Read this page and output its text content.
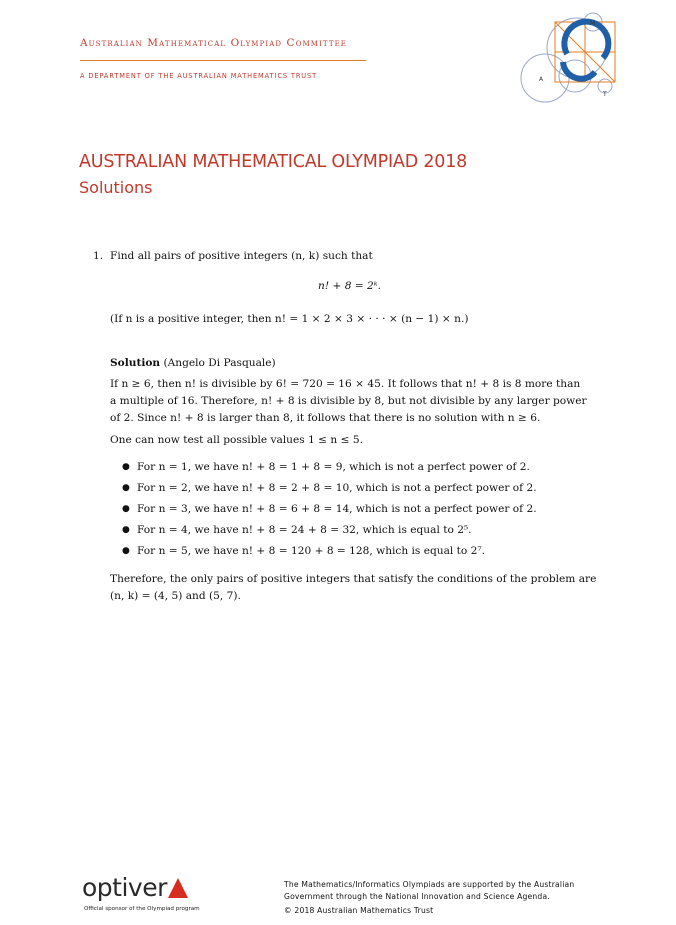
Australian Mathematical Olympiad Committee
A DEPARTMENT OF THE AUSTRALIAN MATHEMATICS TRUST
M
A
T
AUSTRALIAN MATHEMATICAL OLYMPIAD 2018
Solutions
1. Find all pairs of positive integers (n, k) such that
n! + 8 = 2ᵏ.
(If n is a positive integer, then n! = 1 × 2 × 3 × · · · × (n − 1) × n.)
Solution (Angelo Di Pasquale)
If n ≥ 6, then n! is divisible by 6! = 720 = 16 × 45. It follows that n! + 8 is 8 more than
a multiple of 16. Therefore, n! + 8 is divisible by 8, but not divisible by any larger power
of 2. Since n! + 8 is larger than 8, it follows that there is no solution with n ≥ 6.
One can now test all possible values 1 ≤ n ≤ 5.
● For n = 1, we have n! + 8 = 1 + 8 = 9, which is not a perfect power of 2.
● For n = 2, we have n! + 8 = 2 + 8 = 10, which is not a perfect power of 2.
● For n = 3, we have n! + 8 = 6 + 8 = 14, which is not a perfect power of 2.
● For n = 4, we have n! + 8 = 24 + 8 = 32, which is equal to 2⁵.
● For n = 5, we have n! + 8 = 120 + 8 = 128, which is equal to 2⁷.
Therefore, the only pairs of positive integers that satisfy the conditions of the problem are
(n, k) = (4, 5) and (5, 7).
optiver
Official sponsor of the Olympiad program
The Mathematics/Informatics Olympiads are supported by the Australian
Government through the National Innovation and Science Agenda.
© 2018 Australian Mathematics Trust
